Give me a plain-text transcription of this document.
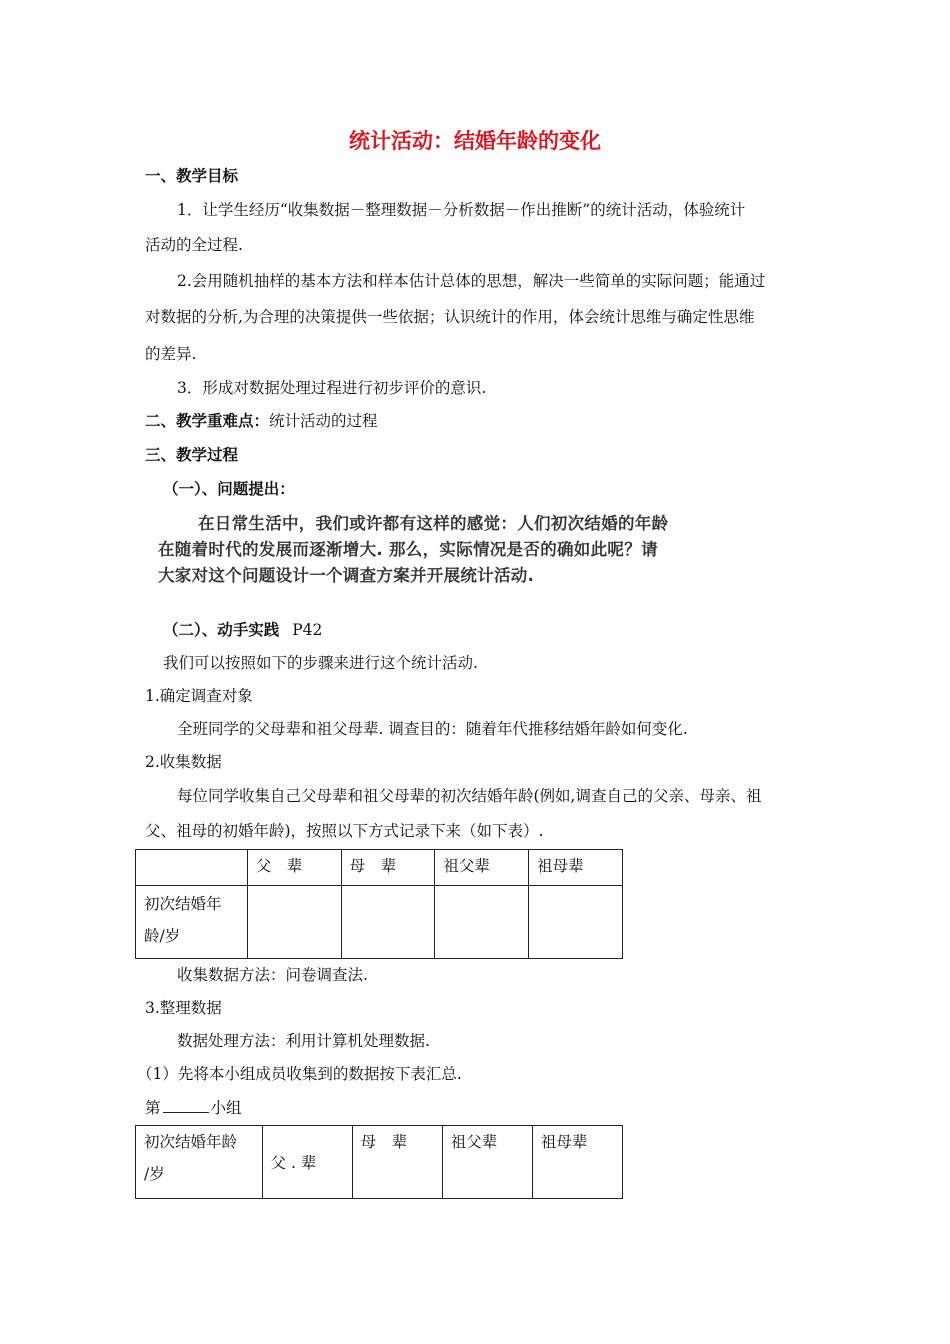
统计活动：结婚年龄的变化
一、教学目标
1．让学生经历“收集数据－整理数据－分析数据－作出推断”的统计活动，体验统计
活动的全过程.
2.会用随机抽样的基本方法和样本估计总体的思想，解决一些简单的实际问题；能通过
对数据的分析,为合理的决策提供一些依据；认识统计的作用，体会统计思维与确定性思维
的差异.
3．形成对数据处理过程进行初步评价的意识.
二、教学重难点：统计活动的过程
三、教学过程
（一）、问题提出：
在日常生活中，我们或许都有这样的感觉：人们初次结婚的年龄
在随着时代的发展而逐渐增大. 那么，实际情况是否的确如此呢？请
大家对这个问题设计一个调查方案并开展统计活动.
（二）、动手实践 P42
我们可以按照如下的步骤来进行这个统计活动.
1.确定调查对象
全班同学的父母辈和祖父母辈. 调查目的：随着年代推移结婚年龄如何变化.
2.收集数据
每位同学收集自己父母辈和祖父母辈的初次结婚年龄(例如,调查自己的父亲、母亲、祖
父、祖母的初婚年龄)，按照以下方式记录下来（如下表）.
	父　辈	母　辈	祖父辈	祖母辈

初次结婚年
龄/岁				

收集数据方法：问卷调查法.
3.整理数据
数据处理方法：利用计算机处理数据.
（1）先将本小组成员收集到的数据按下表汇总.
第	小组
初次结婚年龄
/岁
	父 . 辈	母　辈	祖父辈	祖母辈
